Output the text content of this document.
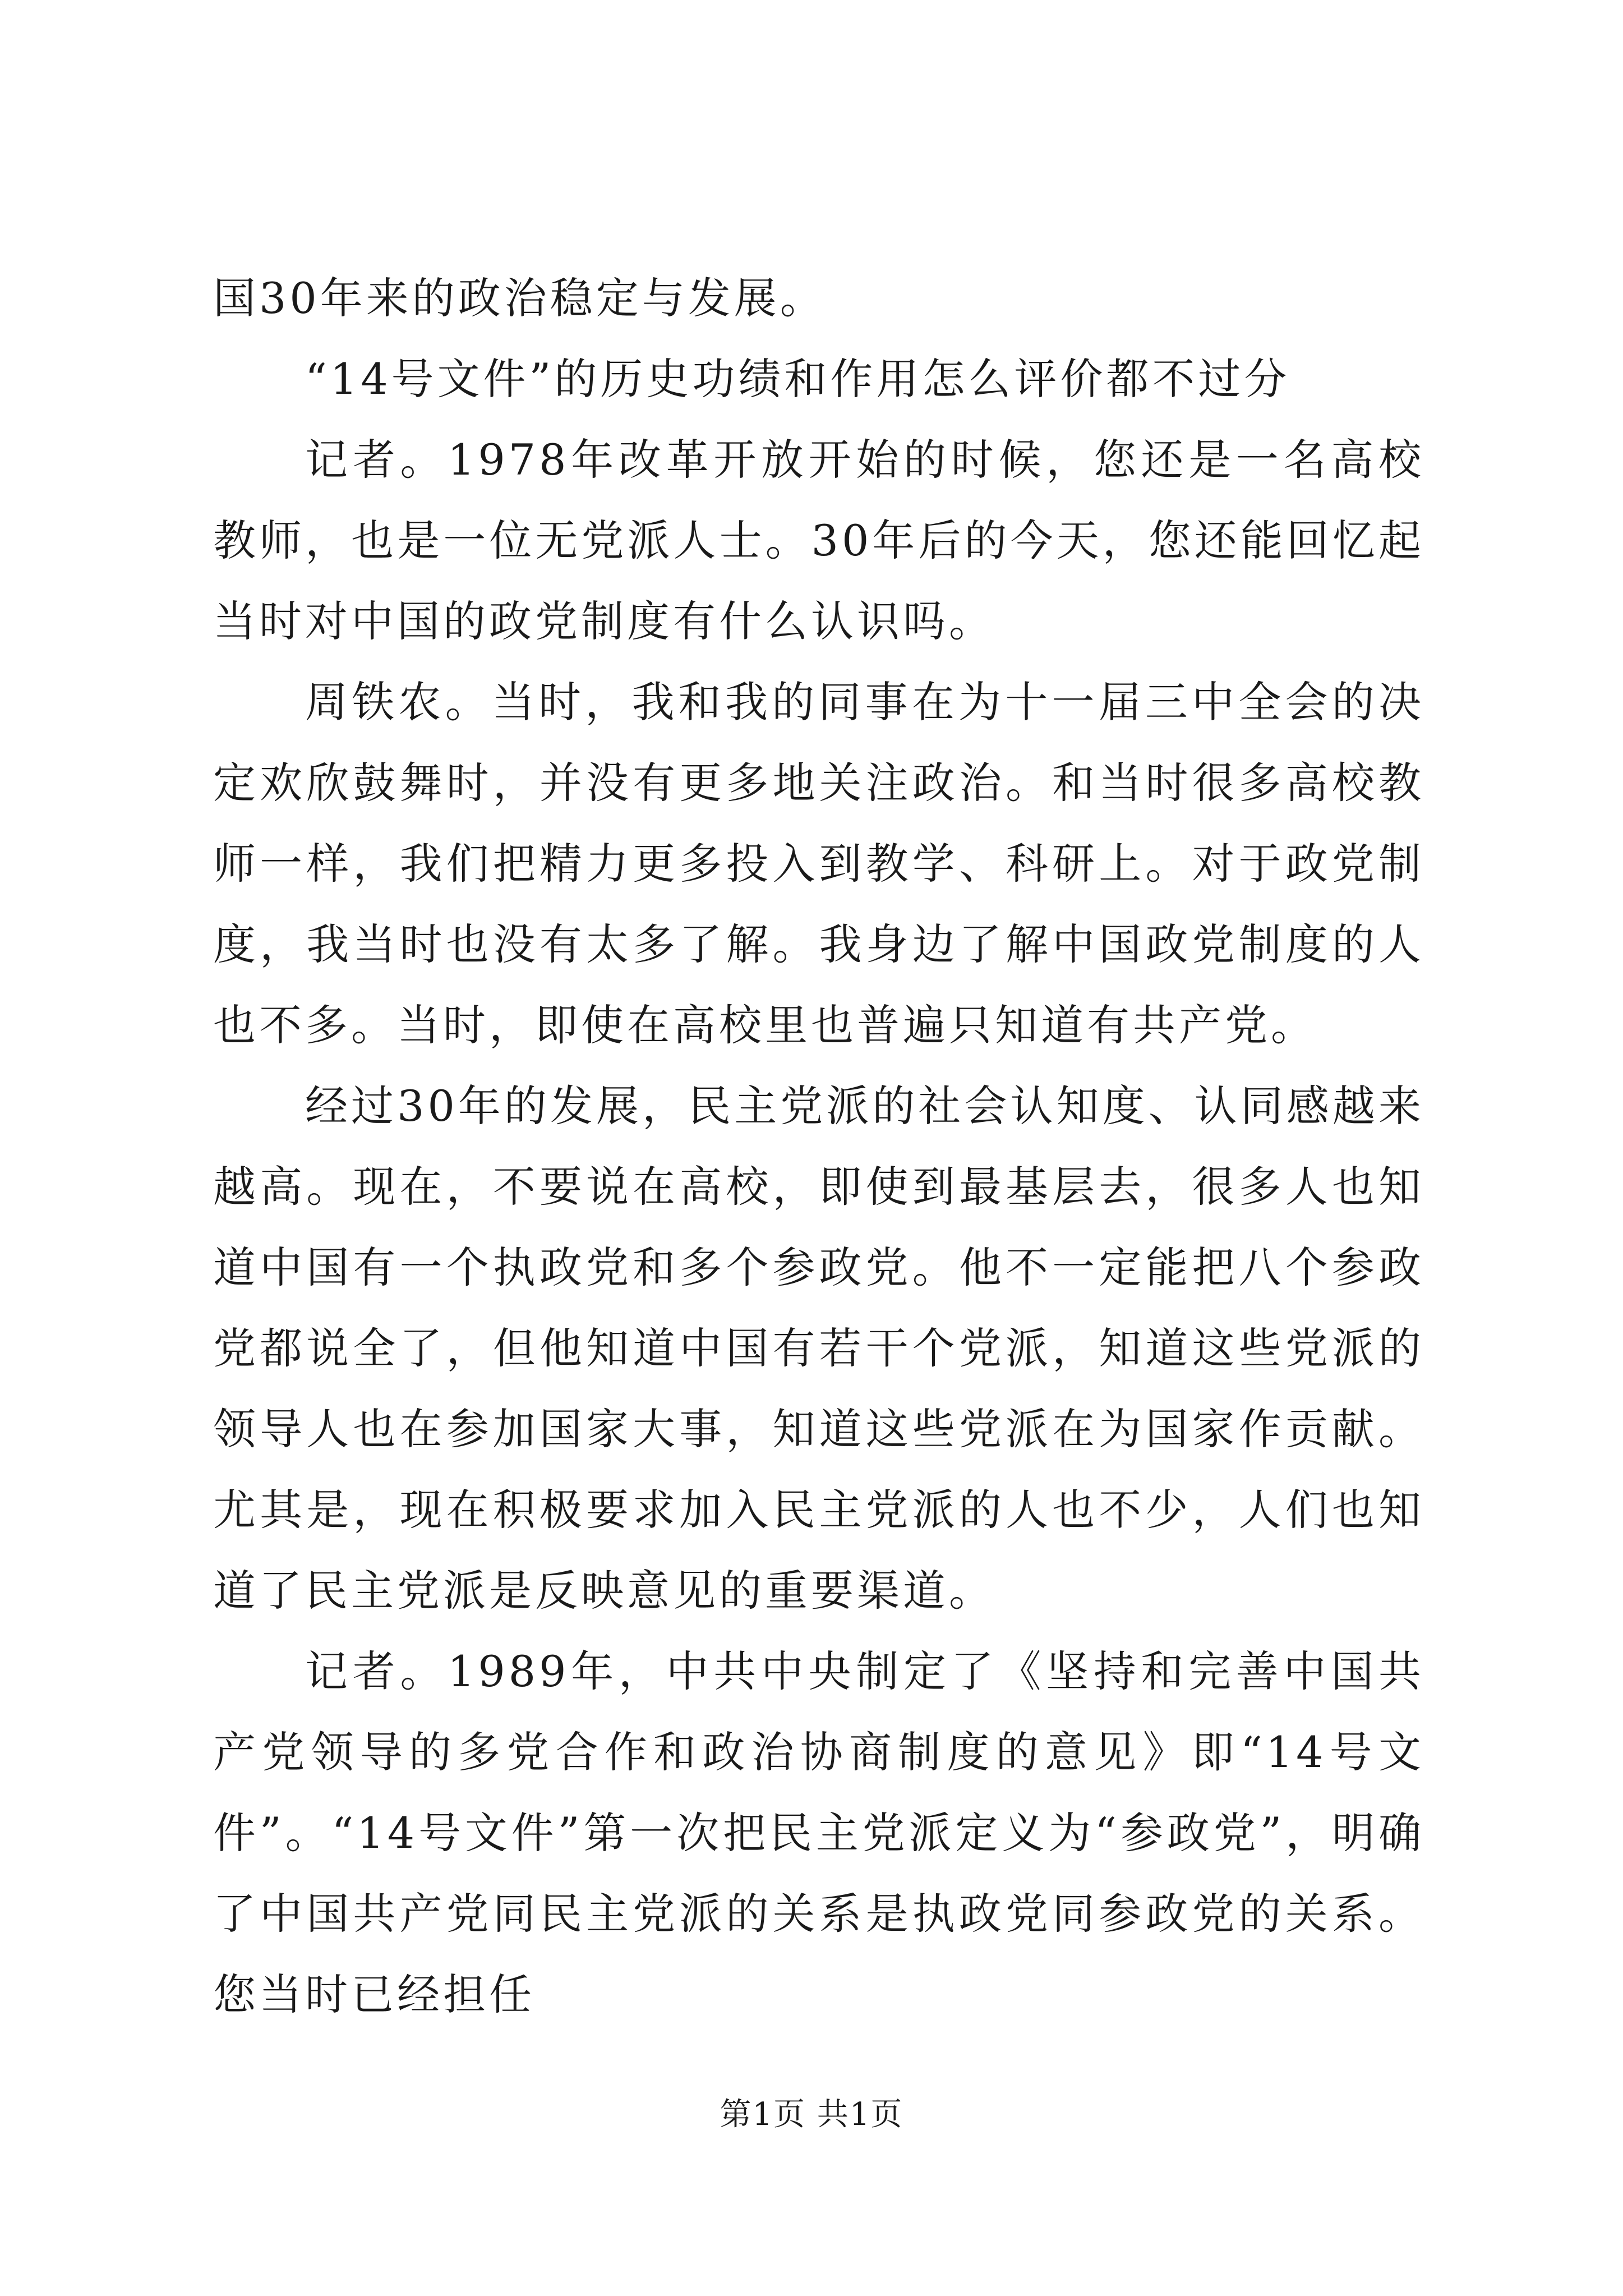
国30年来的政治稳定与发展。

“14号文件”的历史功绩和作用怎么评价都不过分

记者。1978年改革开放开始的时候，您还是一名高校教师，也是一位无党派人士。30年后的今天，您还能回忆起当时对中国的政党制度有什么认识吗。

周铁农。当时，我和我的同事在为十一届三中全会的决定欢欣鼓舞时，并没有更多地关注政治。和当时很多高校教师一样，我们把精力更多投入到教学、科研上。对于政党制度，我当时也没有太多了解。我身边了解中国政党制度的人也不多。当时，即使在高校里也普遍只知道有共产党。

经过30年的发展，民主党派的社会认知度、认同感越来越高。现在，不要说在高校，即使到最基层去，很多人也知道中国有一个执政党和多个参政党。他不一定能把八个参政党都说全了，但他知道中国有若干个党派，知道这些党派的领导人也在参加国家大事，知道这些党派在为国家作贡献。尤其是，现在积极要求加入民主党派的人也不少，人们也知道了民主党派是反映意见的重要渠道。

记者。1989年，中共中央制定了《坚持和完善中国共产党领导的多党合作和政治协商制度的意见》即“14号文件”。“14号文件”第一次把民主党派定义为“参政党”，明确了中国共产党同民主党派的关系是执政党同参政党的关系。您当时已经担任

第1页 共1页
